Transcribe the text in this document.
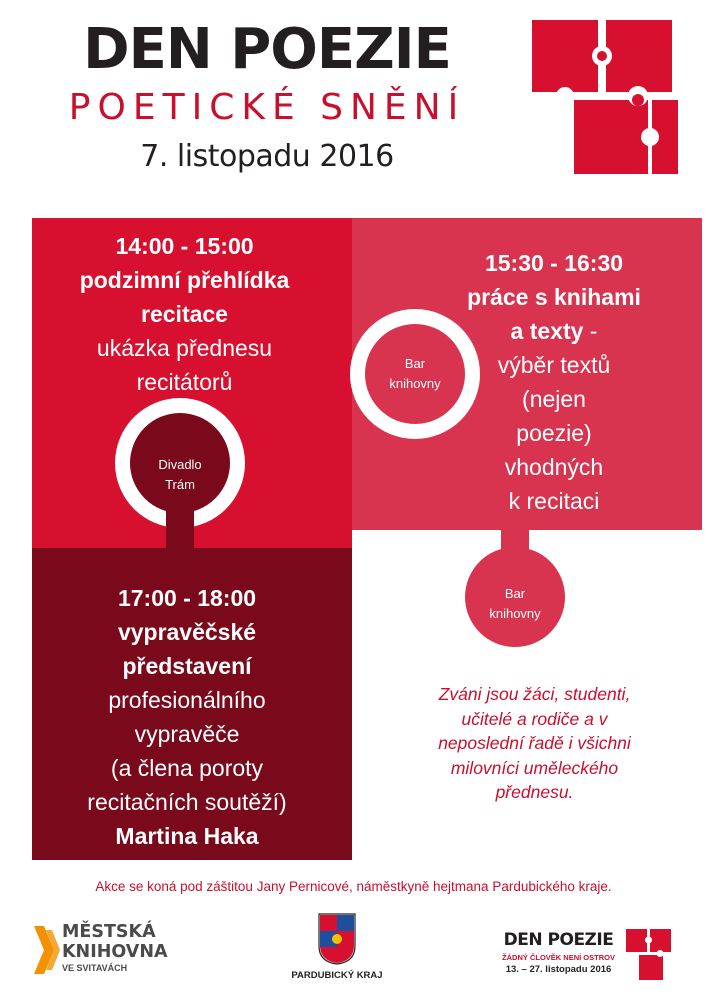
DEN POEZIE
POETICKÉ SNĚNÍ
7. listopadu 2016
14:00 - 15:00
podzimní přehlídka
recitace
ukázka přednesu
recitátorů
15:30 - 16:30
práce s knihami
a texty -
výběr textů
(nejen
poezie)
vhodných
k recitaci
17:00 - 18:00
vypravěčské
představení
profesionálního
vypravěče
(a člena poroty
recitačních soutěží)
Martina Haka
Bar
knihovny
Divadlo
Trám
Bar
knihovny
Zváni jsou žáci, studenti,
učitelé a rodiče a v
neposlední řadě i všichni
milovníci uměleckého
přednesu.
Akce se koná pod záštitou Jany Pernicové, náměstkyně hejtmana Pardubického kraje.
MĚSTSKÁ
KNIHOVNA
VE SVITAVÁCH
PARDUBICKÝ KRAJ
DEN POEZIE
ŽÁDNÝ ČLOVĚK NENÍ OSTROV
13. – 27. listopadu 2016
